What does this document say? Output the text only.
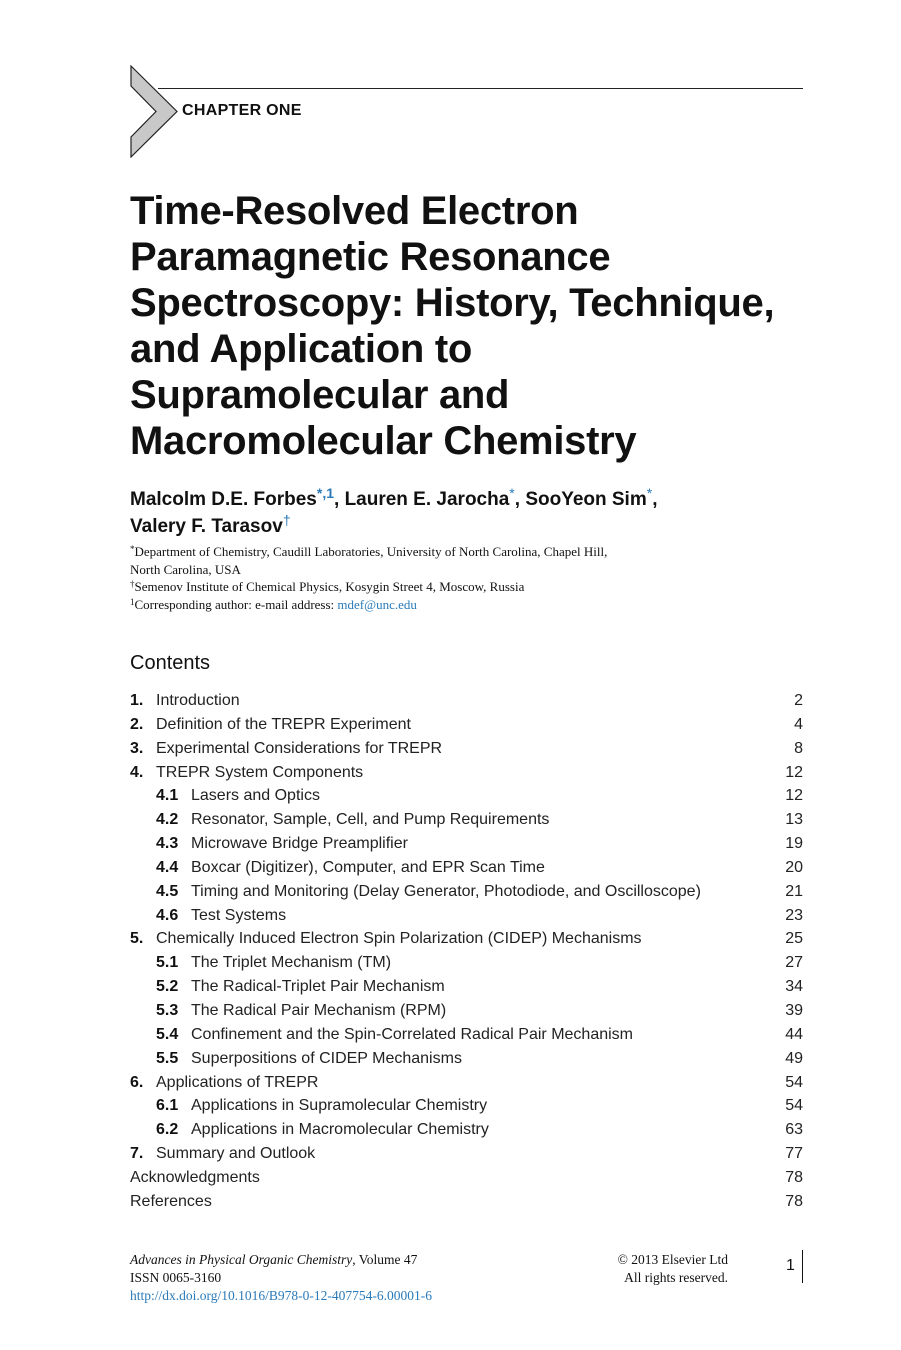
CHAPTER ONE
Time-Resolved Electron
Paramagnetic Resonance
Spectroscopy: History, Technique,
and Application to
Supramolecular and
Macromolecular Chemistry
Malcolm D.E. Forbes$^{*,1}$, Lauren E. Jarocha*, SooYeon Sim*,
Valery F. Tarasov†
*Department of Chemistry, Caudill Laboratories, University of North Carolina, Chapel Hill,
North Carolina, USA
†Semenov Institute of Chemical Physics, Kosygin Street 4, Moscow, Russia
$^1$Corresponding author: e-mail address: mdef@unc.edu
Contents
1. Introduction	2
2. Definition of the TREPR Experiment	4
3. Experimental Considerations for TREPR	8
4. TREPR System Components	12
4.1 Lasers and Optics	12
4.2 Resonator, Sample, Cell, and Pump Requirements	13
4.3 Microwave Bridge Preamplifier	19
4.4 Boxcar (Digitizer), Computer, and EPR Scan Time	20
4.5 Timing and Monitoring (Delay Generator, Photodiode, and Oscilloscope)	21
4.6 Test Systems	23
5. Chemically Induced Electron Spin Polarization (CIDEP) Mechanisms	25
5.1 The Triplet Mechanism (TM)	27
5.2 The Radical-Triplet Pair Mechanism	34
5.3 The Radical Pair Mechanism (RPM)	39
5.4 Confinement and the Spin-Correlated Radical Pair Mechanism	44
5.5 Superpositions of CIDEP Mechanisms	49
6. Applications of TREPR	54
6.1 Applications in Supramolecular Chemistry	54
6.2 Applications in Macromolecular Chemistry	63
7. Summary and Outlook	77
Acknowledgments	78
References	78
Advances in Physical Organic Chemistry, Volume 47
ISSN 0065-3160
http://dx.doi.org/10.1016/B978-0-12-407754-6.00001-6
© 2013 Elsevier Ltd
All rights reserved.
1
